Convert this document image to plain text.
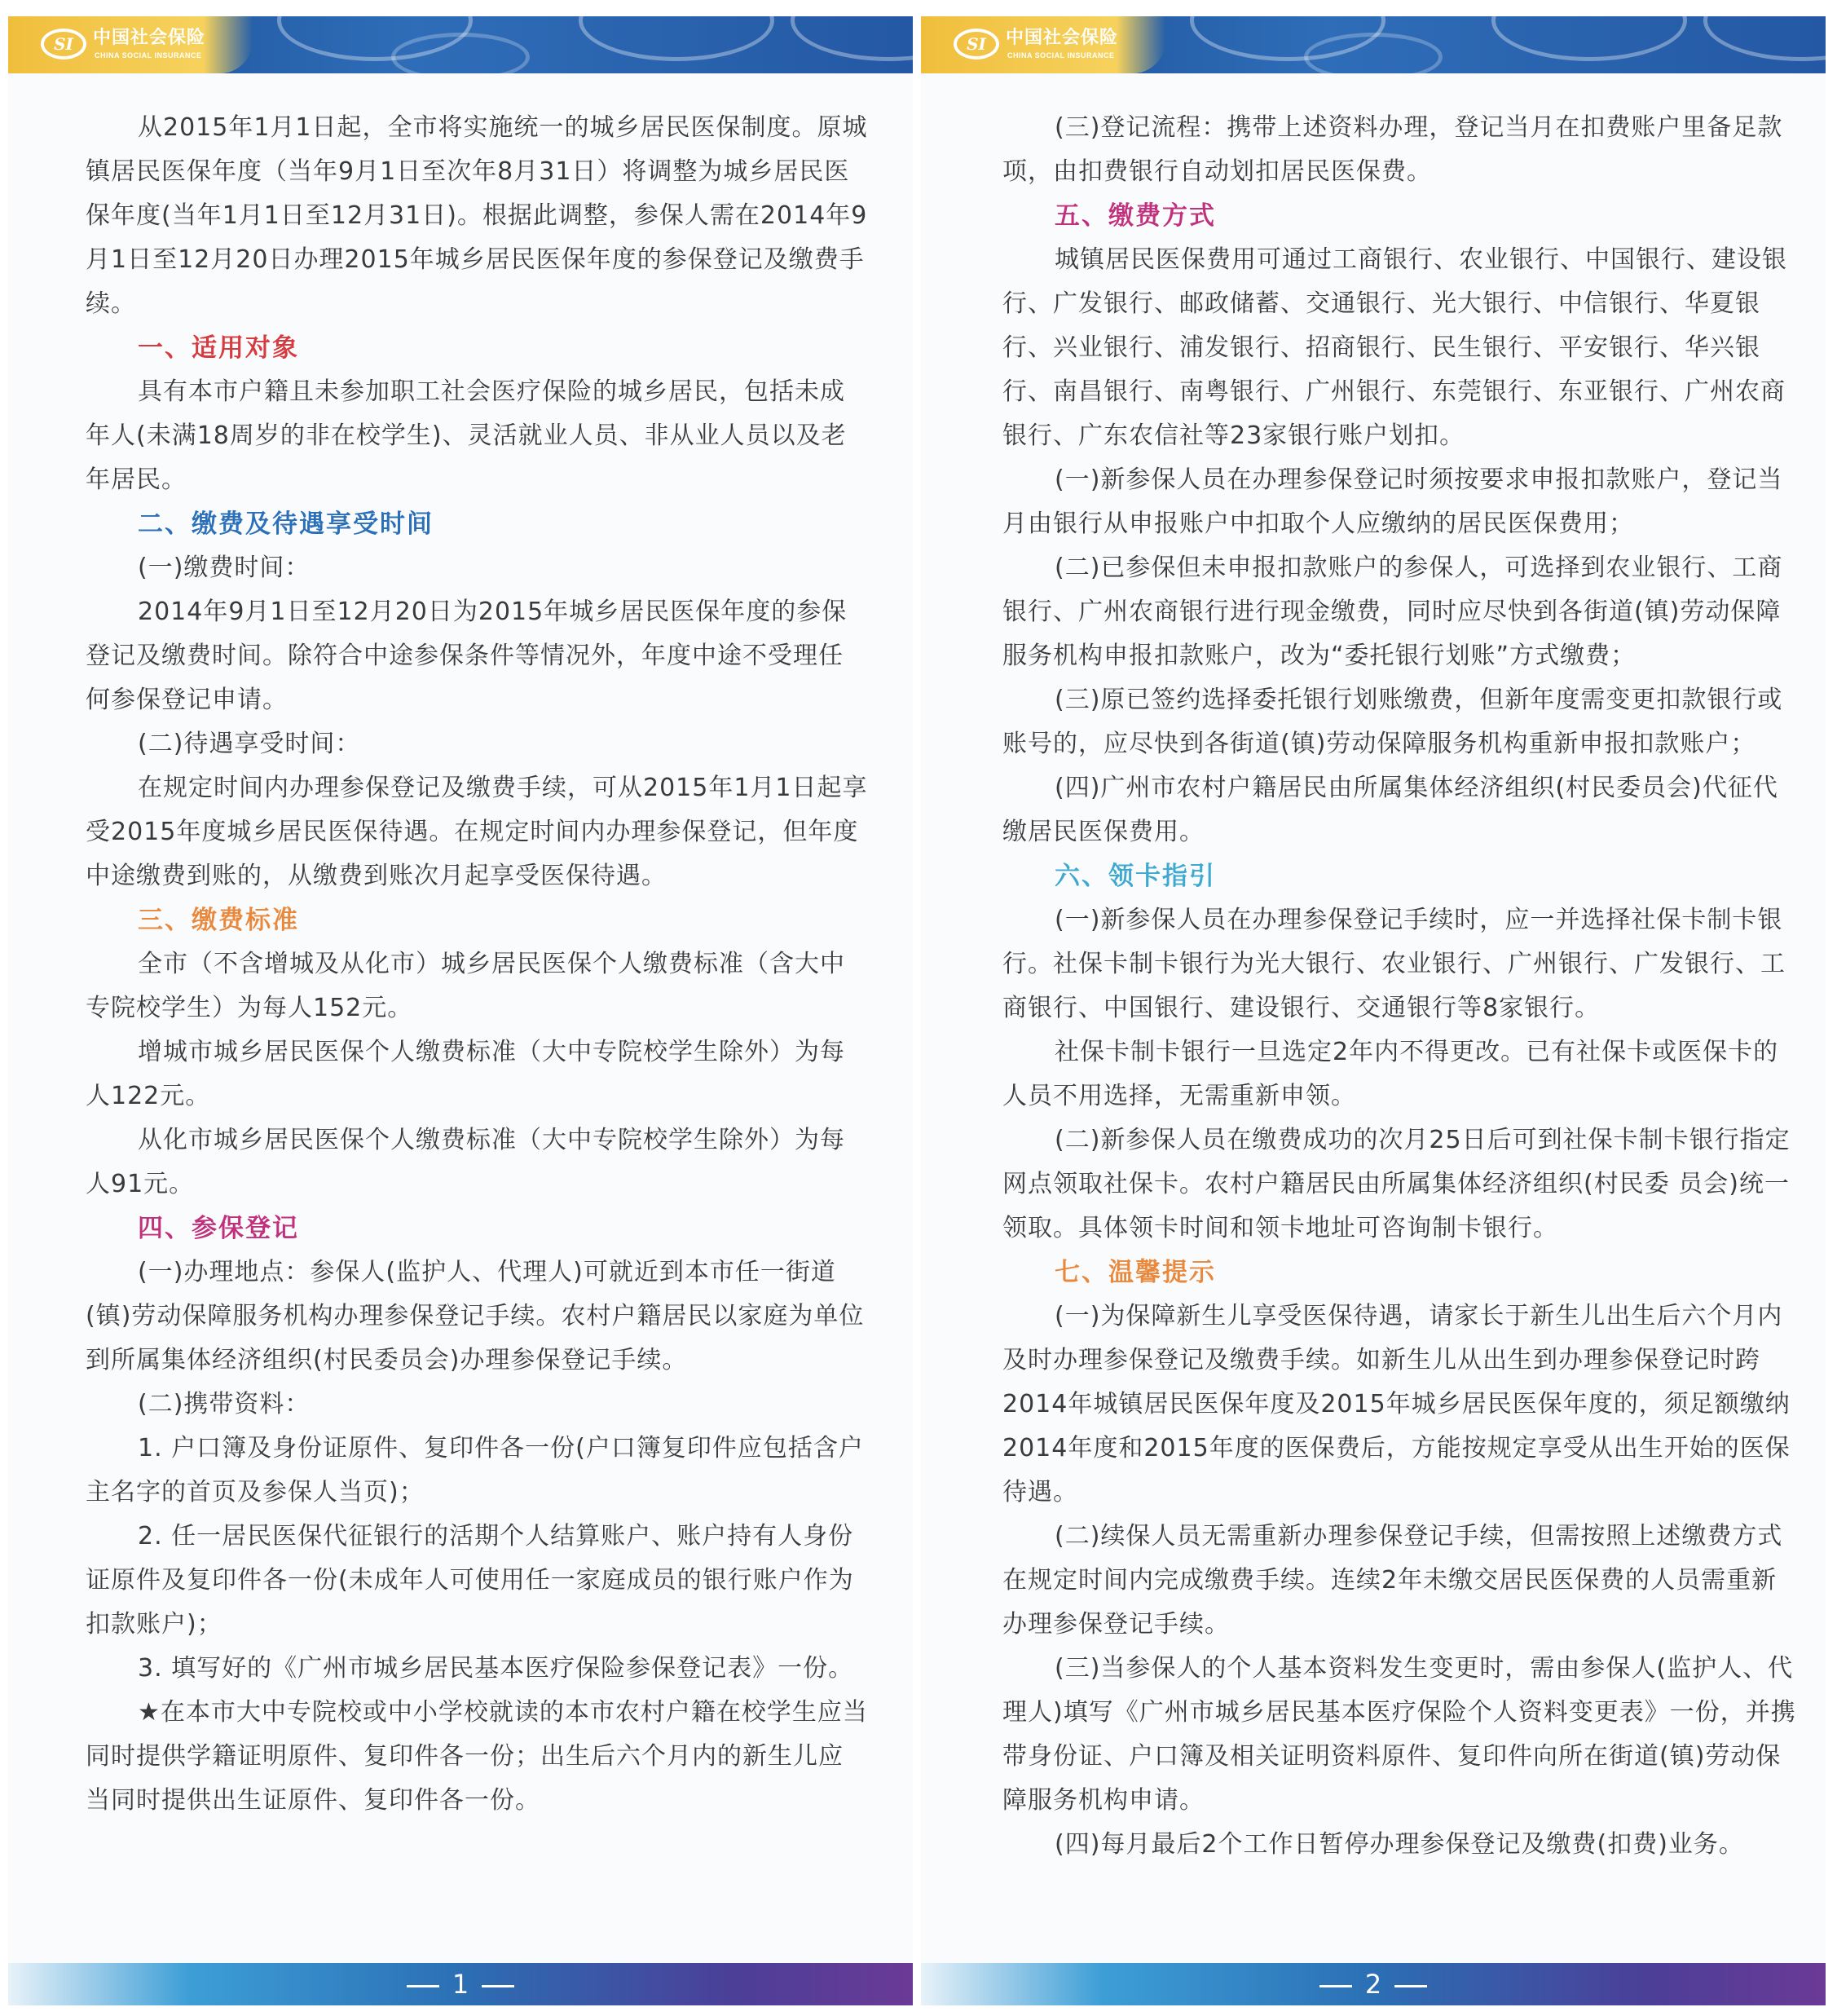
SI	中国社会保险
CHINA SOCIAL INSURANCE

从2015年1月1日起，全市将实施统一的城乡居民医保制度。原城镇居民医保年度（当年9月1日至次年8月31日）将调整为城乡居民医保年度(当年1月1日至12月31日)。根据此调整，参保人需在2014年9月1日至12月20日办理2015年城乡居民医保年度的参保登记及缴费手续。

一、适用对象

具有本市户籍且未参加职工社会医疗保险的城乡居民，包括未成年人(未满18周岁的非在校学生)、灵活就业人员、非从业人员以及老年居民。

二、缴费及待遇享受时间

(一)缴费时间：

2014年9月1日至12月20日为2015年城乡居民医保年度的参保登记及缴费时间。除符合中途参保条件等情况外，年度中途不受理任何参保登记申请。

(二)待遇享受时间：

在规定时间内办理参保登记及缴费手续，可从2015年1月1日起享受2015年度城乡居民医保待遇。在规定时间内办理参保登记，但年度中途缴费到账的，从缴费到账次月起享受医保待遇。

三、缴费标准

全市（不含增城及从化市）城乡居民医保个人缴费标准（含大中专院校学生）为每人152元。

增城市城乡居民医保个人缴费标准（大中专院校学生除外）为每人122元。

从化市城乡居民医保个人缴费标准（大中专院校学生除外）为每人91元。

四、参保登记

(一)办理地点：参保人(监护人、代理人)可就近到本市任一街道(镇)劳动保障服务机构办理参保登记手续。农村户籍居民以家庭为单位到所属集体经济组织(村民委员会)办理参保登记手续。

(二)携带资料：

1. 户口簿及身份证原件、复印件各一份(户口簿复印件应包括含户主名字的首页及参保人当页)；

2. 任一居民医保代征银行的活期个人结算账户、账户持有人身份证原件及复印件各一份(未成年人可使用任一家庭成员的银行账户作为扣款账户)；

3. 填写好的《广州市城乡居民基本医疗保险参保登记表》一份。

★在本市大中专院校或中小学校就读的本市农村户籍在校学生应当同时提供学籍证明原件、复印件各一份；出生后六个月内的新生儿应当同时提供出生证原件、复印件各一份。

1
SI	中国社会保险
CHINA SOCIAL INSURANCE

(三)登记流程：携带上述资料办理，登记当月在扣费账户里备足款项，由扣费银行自动划扣居民医保费。

五、缴费方式

城镇居民医保费用可通过工商银行、农业银行、中国银行、建设银行、广发银行、邮政储蓄、交通银行、光大银行、中信银行、华夏银行、兴业银行、浦发银行、招商银行、民生银行、平安银行、华兴银行、南昌银行、南粤银行、广州银行、东莞银行、东亚银行、广州农商银行、广东农信社等23家银行账户划扣。

(一)新参保人员在办理参保登记时须按要求申报扣款账户，登记当月由银行从申报账户中扣取个人应缴纳的居民医保费用；

(二)已参保但未申报扣款账户的参保人，可选择到农业银行、工商银行、广州农商银行进行现金缴费，同时应尽快到各街道(镇)劳动保障服务机构申报扣款账户，改为“委托银行划账”方式缴费；

(三)原已签约选择委托银行划账缴费，但新年度需变更扣款银行或账号的，应尽快到各街道(镇)劳动保障服务机构重新申报扣款账户；

(四)广州市农村户籍居民由所属集体经济组织(村民委员会)代征代缴居民医保费用。

六、领卡指引

(一)新参保人员在办理参保登记手续时，应一并选择社保卡制卡银行。社保卡制卡银行为光大银行、农业银行、广州银行、广发银行、工商银行、中国银行、建设银行、交通银行等8家银行。

社保卡制卡银行一旦选定2年内不得更改。已有社保卡或医保卡的人员不用选择，无需重新申领。

(二)新参保人员在缴费成功的次月25日后可到社保卡制卡银行指定网点领取社保卡。农村户籍居民由所属集体经济组织(村民委 员会)统一领取。具体领卡时间和领卡地址可咨询制卡银行。

七、温馨提示

(一)为保障新生儿享受医保待遇，请家长于新生儿出生后六个月内及时办理参保登记及缴费手续。如新生儿从出生到办理参保登记时跨2014年城镇居民医保年度及2015年城乡居民医保年度的，须足额缴纳2014年度和2015年度的医保费后，方能按规定享受从出生开始的医保待遇。

(二)续保人员无需重新办理参保登记手续，但需按照上述缴费方式在规定时间内完成缴费手续。连续2年未缴交居民医保费的人员需重新办理参保登记手续。

(三)当参保人的个人基本资料发生变更时，需由参保人(监护人、代理人)填写《广州市城乡居民基本医疗保险个人资料变更表》一份，并携带身份证、户口簿及相关证明资料原件、复印件向所在街道(镇)劳动保障服务机构申请。

(四)每月最后2个工作日暂停办理参保登记及缴费(扣费)业务。

2
